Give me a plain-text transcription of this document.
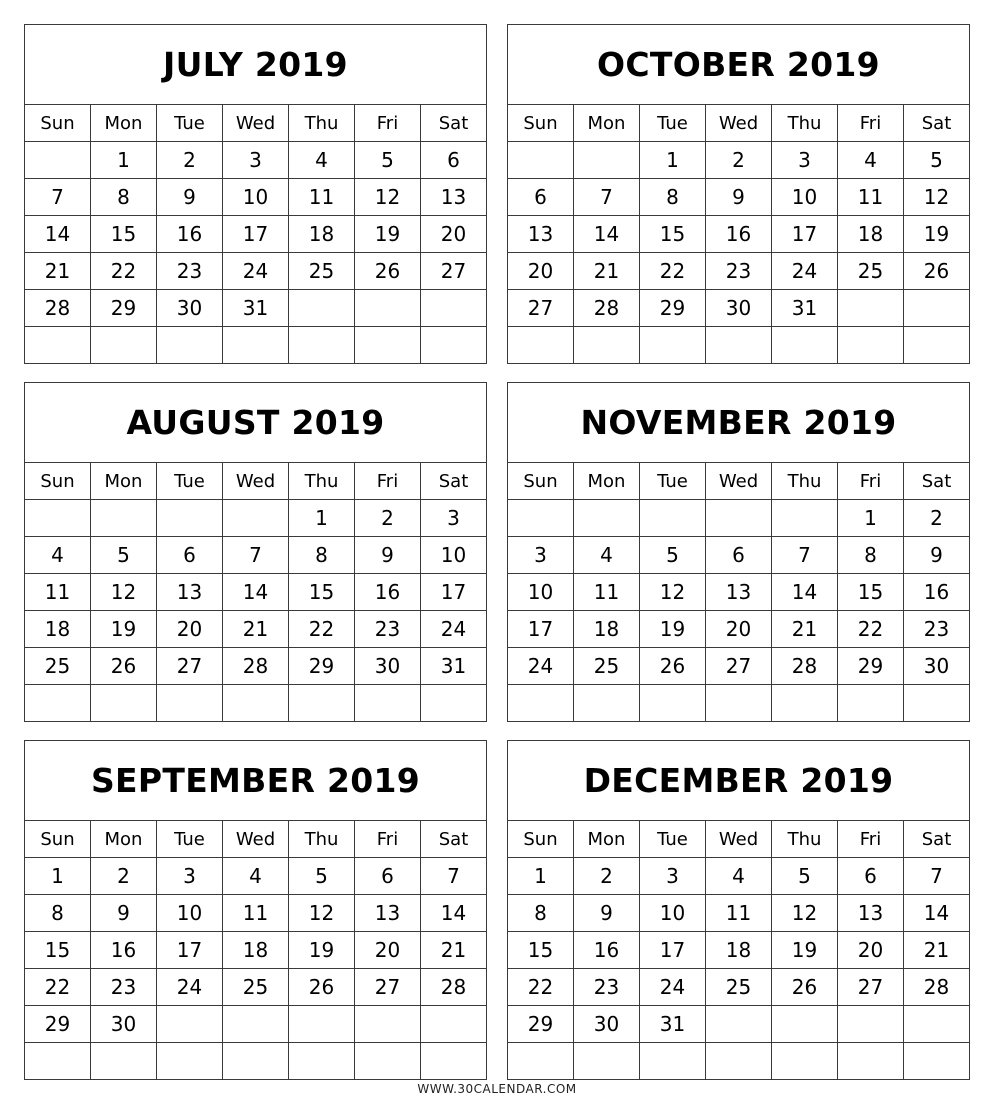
JULY 2019						
Sun	Mon	Tue	Wed	Thu	Fri	Sat
	1	2	3	4	5	6
7	8	9	10	11	12	13
14	15	16	17	18	19	20
21	22	23	24	25	26	27
28	29	30	31			

OCTOBER 2019						
Sun	Mon	Tue	Wed	Thu	Fri	Sat
		1	2	3	4	5
6	7	8	9	10	11	12
13	14	15	16	17	18	19
20	21	22	23	24	25	26
27	28	29	30	31		

AUGUST 2019						
Sun	Mon	Tue	Wed	Thu	Fri	Sat
				1	2	3
4	5	6	7	8	9	10
11	12	13	14	15	16	17
18	19	20	21	22	23	24
25	26	27	28	29	30	31

NOVEMBER 2019						
Sun	Mon	Tue	Wed	Thu	Fri	Sat
					1	2
3	4	5	6	7	8	9
10	11	12	13	14	15	16
17	18	19	20	21	22	23
24	25	26	27	28	29	30

SEPTEMBER 2019						
Sun	Mon	Tue	Wed	Thu	Fri	Sat
1	2	3	4	5	6	7
8	9	10	11	12	13	14
15	16	17	18	19	20	21
22	23	24	25	26	27	28
29	30					

DECEMBER 2019						
Sun	Mon	Tue	Wed	Thu	Fri	Sat
1	2	3	4	5	6	7
8	9	10	11	12	13	14
15	16	17	18	19	20	21
22	23	24	25	26	27	28
29	30	31				

WWW.30CALENDAR.COM
